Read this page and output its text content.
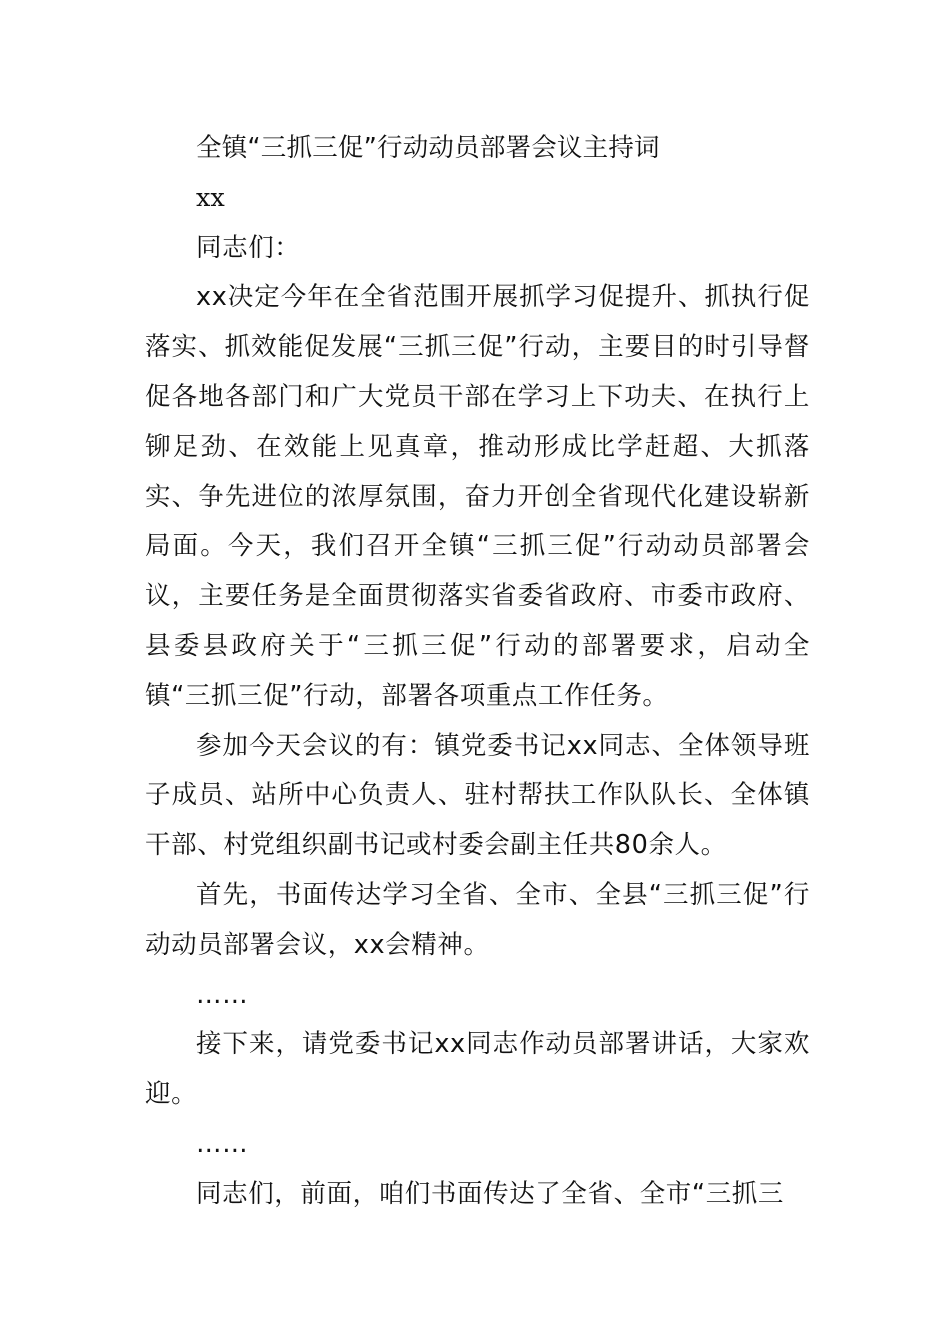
全镇“三抓三促”行动动员部署会议主持词

xx

同志们：

xx决定今年在全省范围开展抓学习促提升、抓执行促落实、抓效能促发展“三抓三促”行动，主要目的时引导督促各地各部门和广大党员干部在学习上下功夫、在执行上铆足劲、在效能上见真章，推动形成比学赶超、大抓落实、争先进位的浓厚氛围，奋力开创全省现代化建设崭新局面。今天，我们召开全镇“三抓三促”行动动员部署会议，主要任务是全面贯彻落实省委省政府、市委市政府、县委县政府关于“三抓三促”行动的部署要求，启动全镇“三抓三促”行动，部署各项重点工作任务。

参加今天会议的有：镇党委书记xx同志、全体领导班子成员、站所中心负责人、驻村帮扶工作队队长、全体镇干部、村党组织副书记或村委会副主任共80余人。

首先，书面传达学习全省、全市、全县“三抓三促”行动动员部署会议，xx会精神。

……

接下来，请党委书记xx同志作动员部署讲话，大家欢迎。

……

同志们，前面，咱们书面传达了全省、全市“三抓三
